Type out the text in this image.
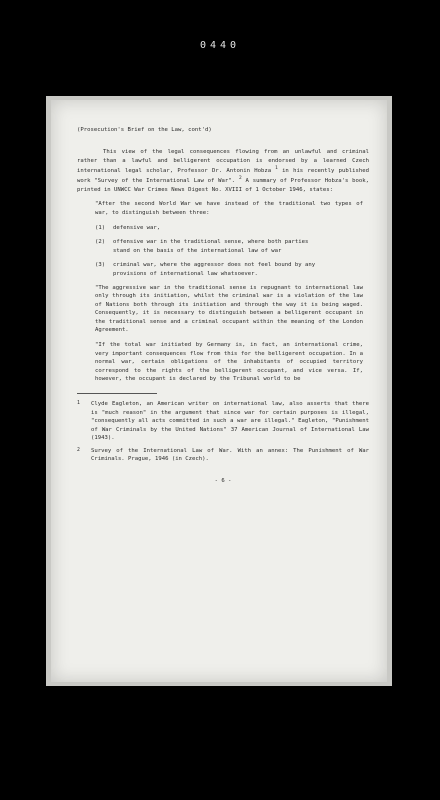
0440

(Prosecution's Brief on the Law, cont'd)

This view of the legal consequences flowing from an unlawful and criminal rather than a lawful and belligerent occupation is endorsed by a learned Czech international legal scholar, Professor Dr. Antonin Hobza $^1$ in his recently published work "Survey of the International Law of War". $^2$ A summary of Professor Hobza's book, printed in UNWCC War Crimes News Digest No. XVIII of 1 October 1946, states:

"After the second World War we have instead of the traditional two types of war, to distinguish between three:

(1)	defensive war,
(2)	offensive war in the traditional sense, where both parties stand on the basis of the international law of war
(3)	criminal war, where the aggressor does not feel bound by any provisions of international law whatsoever.

"The aggressive war in the traditional sense is repugnant to international law only through its initiation, whilst the criminal war is a violation of the law of Nations both through its initiation and through the way it is being waged. Consequently, it is necessary to distinguish between a belligerent occupant in the traditional sense and a criminal occupant within the meaning of the London Agreement.

"If the total war initiated by Germany is, in fact, an international crime, very important consequences flow from this for the belligerent occupation. In a normal war, certain obligations of the inhabitants of occupied territory correspond to the rights of the belligerent occupant, and vice versa. If, however, the occupant is declared by the Tribunal world to be

1	Clyde Eagleton, an American writer on international law, also asserts that there is "much reason" in the argument that since war for certain purposes is illegal, "consequently all acts committed in such a war are illegal." Eagleton, "Punishment of War Criminals by the United Nations" 37 American Journal of International Law (1943).
2	Survey of the International Law of War. With an annex: The Punishment of War Criminals. Prague, 1946 (in Czech).
- 6 -
